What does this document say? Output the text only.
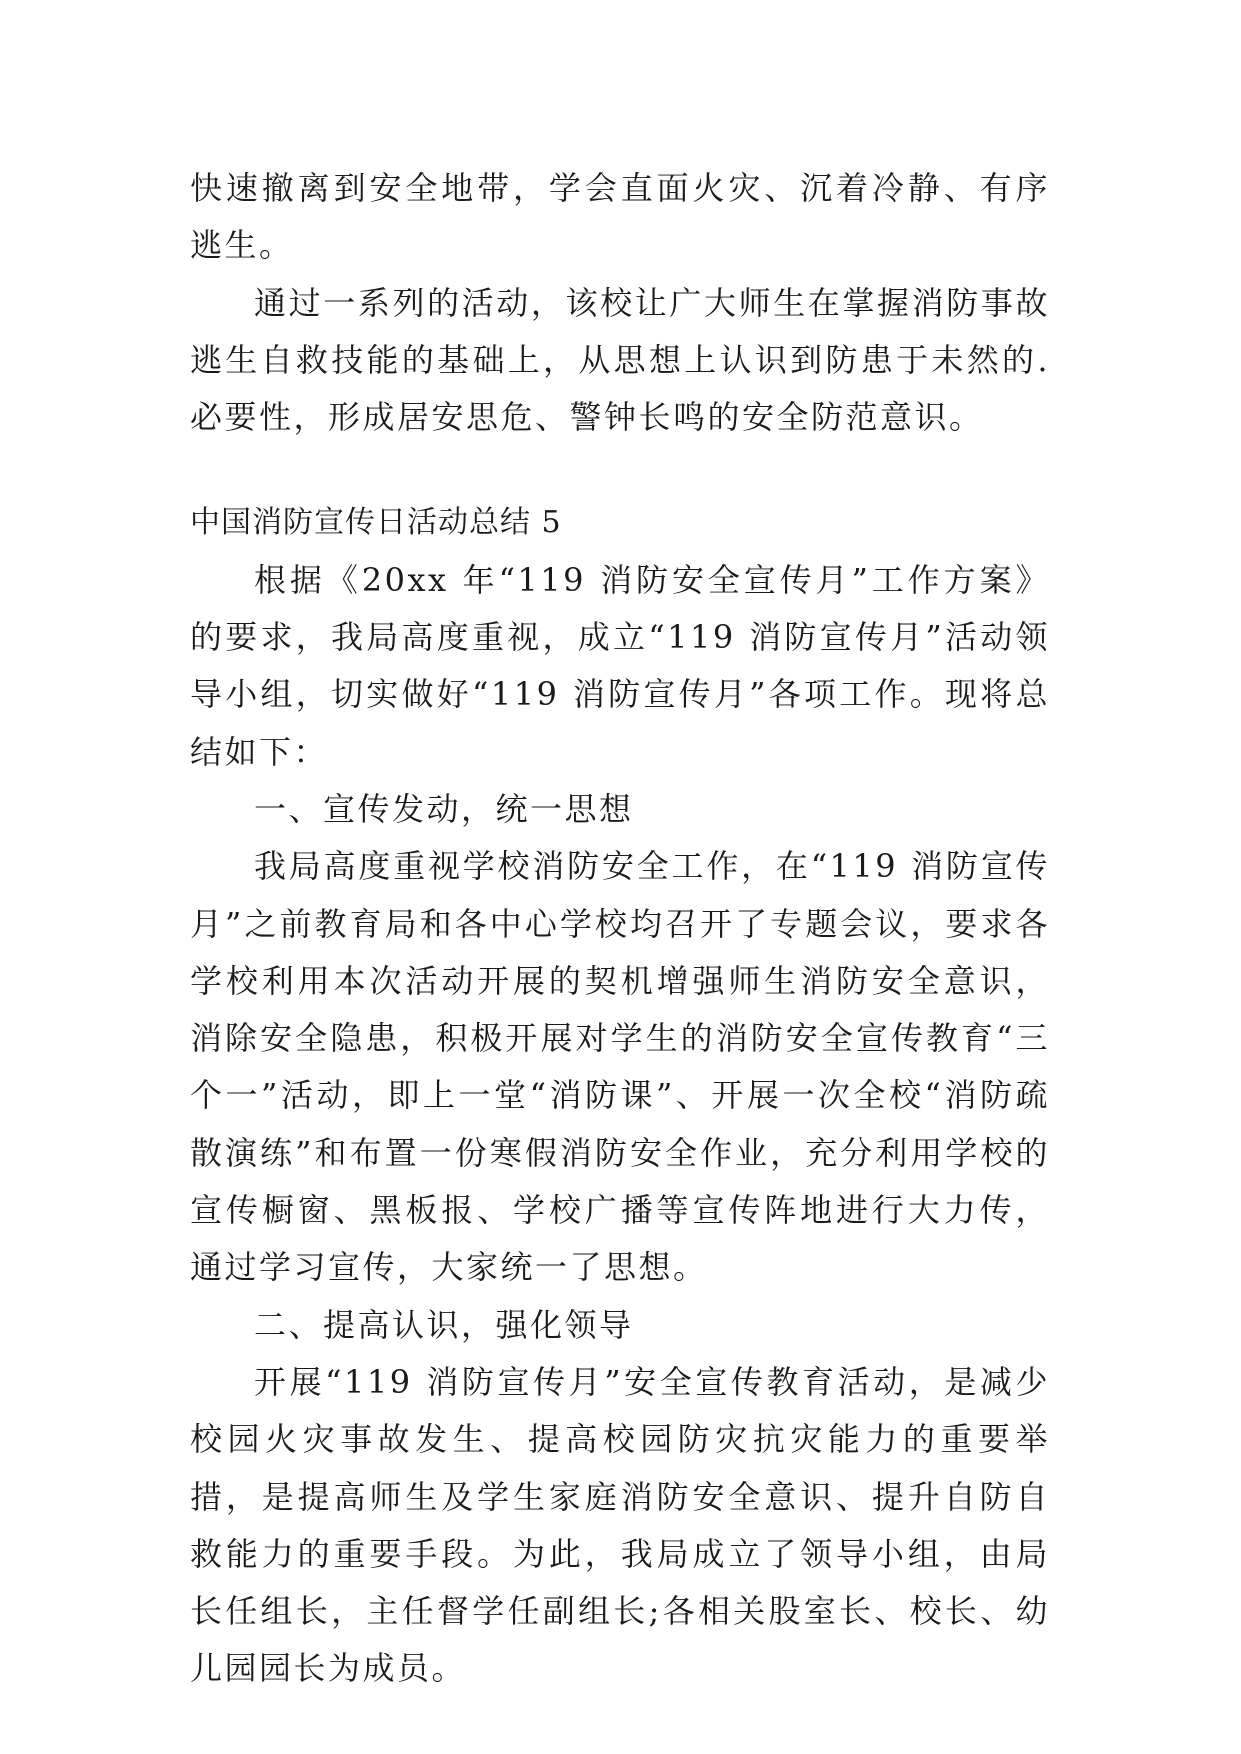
快速撤离到安全地带，学会直面火灾、沉着冷静、有序逃生。

通过一系列的活动，该校让广大师生在掌握消防事故逃生自救技能的基础上，从思想上认识到防患于未然的.必要性，形成居安思危、警钟长鸣的安全防范意识。

中国消防宣传日活动总结 5

根据《20xx 年“119 消防安全宣传月”工作方案》的要求，我局高度重视，成立“119 消防宣传月”活动领导小组，切实做好“119 消防宣传月”各项工作。现将总结如下：

一、宣传发动，统一思想

我局高度重视学校消防安全工作，在“119 消防宣传月”之前教育局和各中心学校均召开了专题会议，要求各学校利用本次活动开展的契机增强师生消防安全意识，消除安全隐患，积极开展对学生的消防安全宣传教育“三个一”活动，即上一堂“消防课”、开展一次全校“消防疏散演练”和布置一份寒假消防安全作业，充分利用学校的宣传橱窗、黑板报、学校广播等宣传阵地进行大力传，通过学习宣传，大家统一了思想。

二、提高认识，强化领导

开展“119 消防宣传月”安全宣传教育活动，是减少校园火灾事故发生、提高校园防灾抗灾能力的重要举措，是提高师生及学生家庭消防安全意识、提升自防自救能力的重要手段。为此，我局成立了领导小组，由局长任组长，主任督学任副组长;各相关股室长、校长、幼儿园园长为成员。
